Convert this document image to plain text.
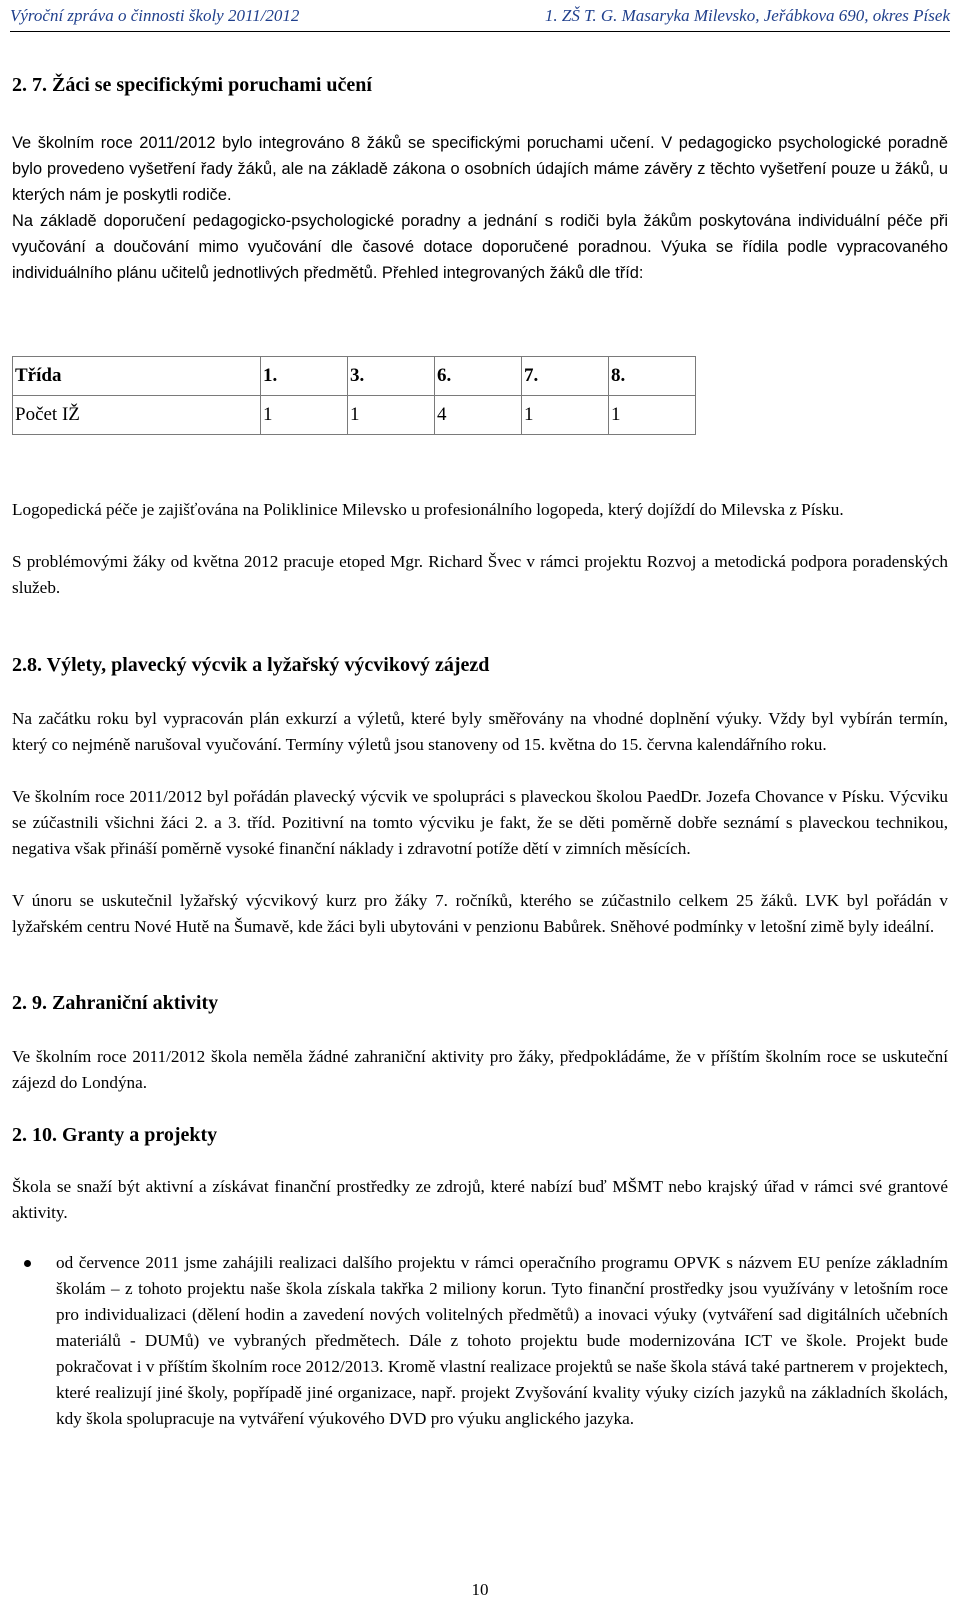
Výroční zpráva o činnosti školy 2011/2012	1. ZŠ T. G. Masaryka Milevsko, Jeřábkova 690, okres Písek
2. 7. Žáci se specifickými poruchami učení
Ve školním roce 2011/2012 bylo integrováno 8 žáků se specifickými poruchami učení. V pedagogicko psychologické poradně bylo provedeno vyšetření řady žáků, ale na základě zákona o osobních údajích máme závěry z těchto vyšetření pouze u žáků, u kterých nám je poskytli rodiče.
Na základě doporučení pedagogicko-psychologické poradny a jednání s rodiči byla žákům poskytována individuální péče při vyučování a doučování mimo vyučování dle časové dotace doporučené poradnou. Výuka se řídila podle vypracovaného individuálního plánu učitelů jednotlivých předmětů. Přehled integrovaných žáků dle tříd:
Třída	1.	3.	6.	7.	8.
Počet IŽ	1	1	4	1	1
Logopedická péče je zajišťována na Poliklinice Milevsko u profesionálního logopeda, který dojíždí do Milevska z Písku.
S problémovými žáky od května 2012 pracuje etoped Mgr. Richard Švec v rámci projektu Rozvoj a metodická podpora poradenských služeb.
2.8. Výlety, plavecký výcvik a lyžařský výcvikový zájezd
Na začátku roku byl vypracován plán exkurzí a výletů, které byly směřovány na vhodné doplnění výuky. Vždy byl vybírán termín, který co nejméně narušoval vyučování. Termíny výletů jsou stanoveny od 15. května do 15. června kalendářního roku.
Ve školním roce 2011/2012 byl pořádán plavecký výcvik ve spolupráci s plaveckou školou PaedDr. Jozefa Chovance v Písku. Výcviku se zúčastnili všichni žáci 2. a 3. tříd. Pozitivní na tomto výcviku je fakt, že se děti poměrně dobře seznámí s plaveckou technikou, negativa však přináší poměrně vysoké finanční náklady i zdravotní potíže dětí v zimních měsících.
V únoru se uskutečnil lyžařský výcvikový kurz pro žáky 7. ročníků, kterého se zúčastnilo celkem 25 žáků. LVK byl pořádán v lyžařském centru Nové Hutě na Šumavě, kde žáci byli ubytováni v penzionu Babůrek. Sněhové podmínky v letošní zimě byly ideální.
2. 9. Zahraniční aktivity
Ve školním roce 2011/2012 škola neměla žádné zahraniční aktivity pro žáky, předpokládáme, že v příštím školním roce se uskuteční zájezd do Londýna.
2. 10. Granty a projekty
Škola se snaží být aktivní a získávat finanční prostředky ze zdrojů, které nabízí buď MŠMT nebo krajský úřad v rámci své grantové aktivity.
od července 2011 jsme zahájili realizaci dalšího projektu v rámci operačního programu OPVK s názvem EU peníze základním školám – z tohoto projektu naše škola získala takřka 2 miliony korun. Tyto finanční prostředky jsou využívány v letošním roce pro individualizaci (dělení hodin a zavedení nových volitelných předmětů) a inovaci výuky (vytváření sad digitálních učebních materiálů - DUMů) ve vybraných předmětech. Dále z tohoto projektu bude modernizována ICT ve škole. Projekt bude pokračovat i v příštím školním roce 2012/2013. Kromě vlastní realizace projektů se naše škola stává také partnerem v projektech, které realizují jiné školy, popřípadě jiné organizace, např. projekt Zvyšování kvality výuky cizích jazyků na základních školách, kdy škola spolupracuje na vytváření výukového DVD pro výuku anglického jazyka.
10
